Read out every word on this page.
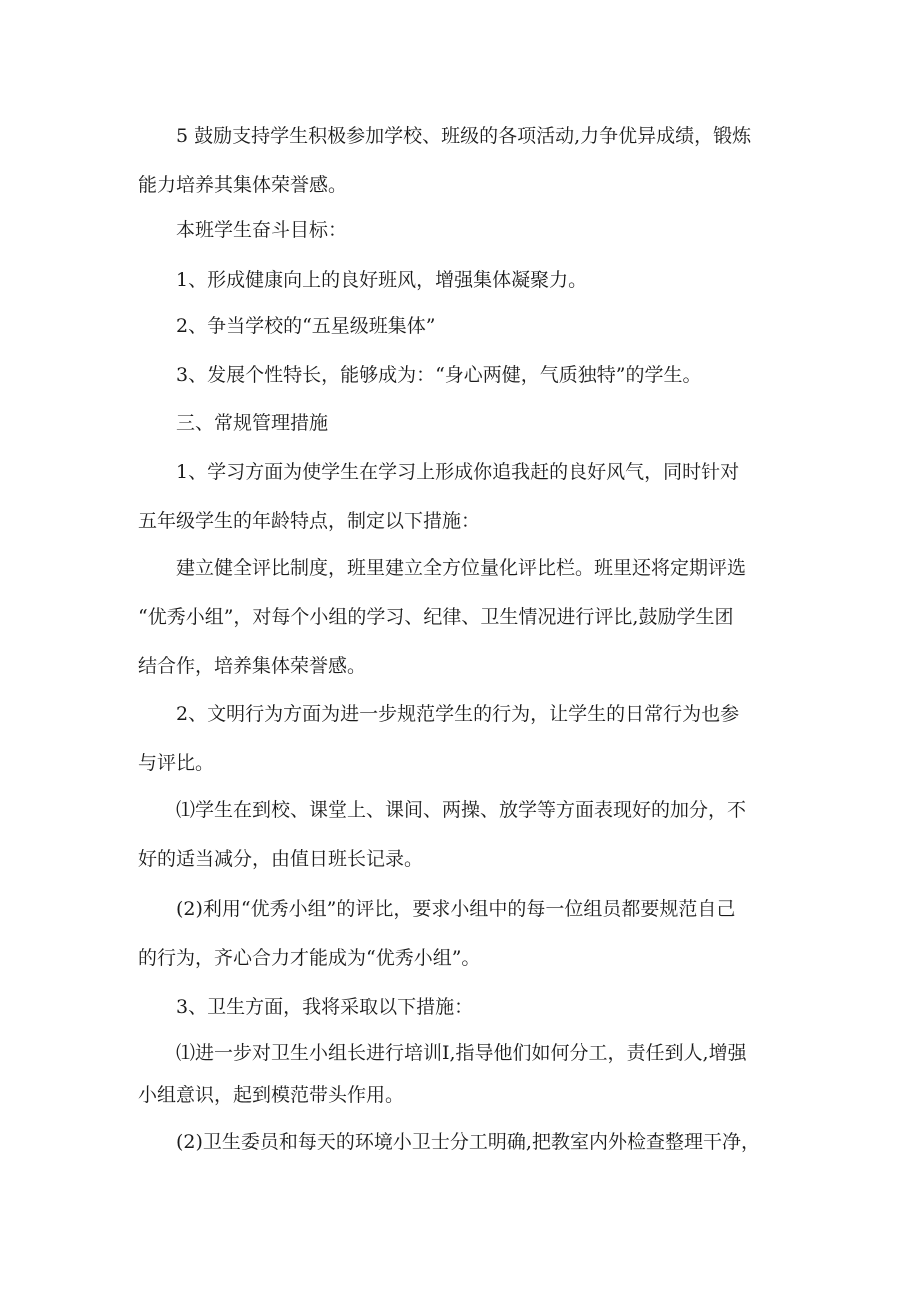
5 鼓励支持学生积极参加学校、班级的各项活动,力争优异成绩，锻炼
能力培养其集体荣誉感。
本班学生奋斗目标：
1、形成健康向上的良好班风，增强集体凝聚力。
2、争当学校的“五星级班集体”
3、发展个性特长，能够成为：“身心两健，气质独特”的学生。
三、常规管理措施
1、学习方面为使学生在学习上形成你追我赶的良好风气，同时针对
五年级学生的年龄特点，制定以下措施：
建立健全评比制度，班里建立全方位量化评比栏。班里还将定期评选
“优秀小组”，对每个小组的学习、纪律、卫生情况进行评比,鼓励学生团
结合作，培养集体荣誉感。
2、文明行为方面为进一步规范学生的行为，让学生的日常行为也参
与评比。
⑴学生在到校、课堂上、课间、两操、放学等方面表现好的加分，不
好的适当减分，由值日班长记录。
(2)利用“优秀小组”的评比，要求小组中的每一位组员都要规范自己
的行为，齐心合力才能成为“优秀小组”。
3、卫生方面，我将采取以下措施：
⑴进一步对卫生小组长进行培训I,指导他们如何分工，责任到人,增强
小组意识，起到模范带头作用。
(2)卫生委员和每天的环境小卫士分工明确,把教室内外检查整理干净，
